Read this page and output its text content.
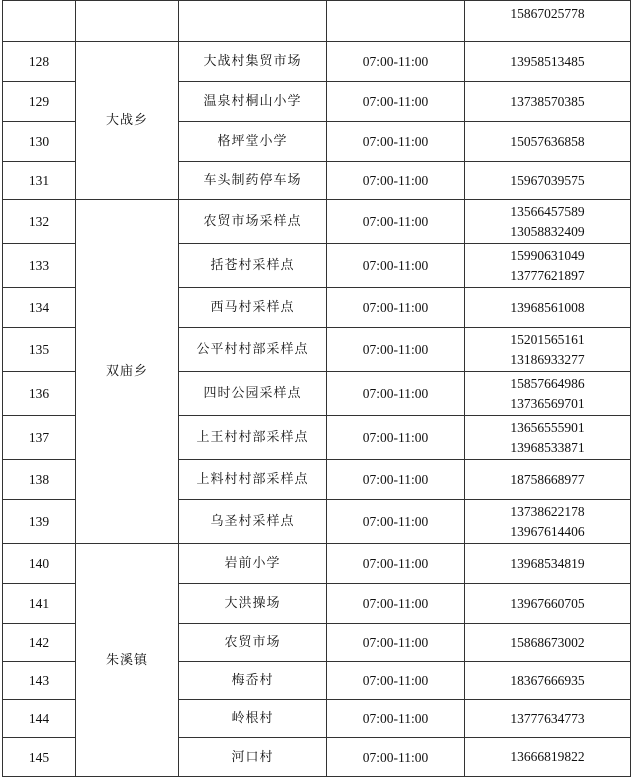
				15867025778

128	大战乡	大战村集贸市场	07:00-11:00	13958513485

129		温泉村桐山小学	07:00-11:00	13738570385

130		格坪堂小学	07:00-11:00	15057636858

131		车头制药停车场	07:00-11:00	15967039575

132	双庙乡	农贸市场采样点	07:00-11:00	13566457589
13058832409

133		括苍村采样点	07:00-11:00	15990631049
13777621897

134		西马村采样点	07:00-11:00	13968561008

135		公平村村部采样点	07:00-11:00	15201565161
13186933277

136		四时公园采样点	07:00-11:00	15857664986
13736569701

137		上王村村部采样点	07:00-11:00	13656555901
13968533871

138		上料村村部采样点	07:00-11:00	18758668977

139		乌圣村采样点	07:00-11:00	13738622178
13967614406

140	朱溪镇	岩前小学	07:00-11:00	13968534819

141		大洪操场	07:00-11:00	13967660705

142		农贸市场	07:00-11:00	15868673002

143		梅岙村	07:00-11:00	18367666935

144		岭根村	07:00-11:00	13777634773

145		河口村	07:00-11:00	13666819822
